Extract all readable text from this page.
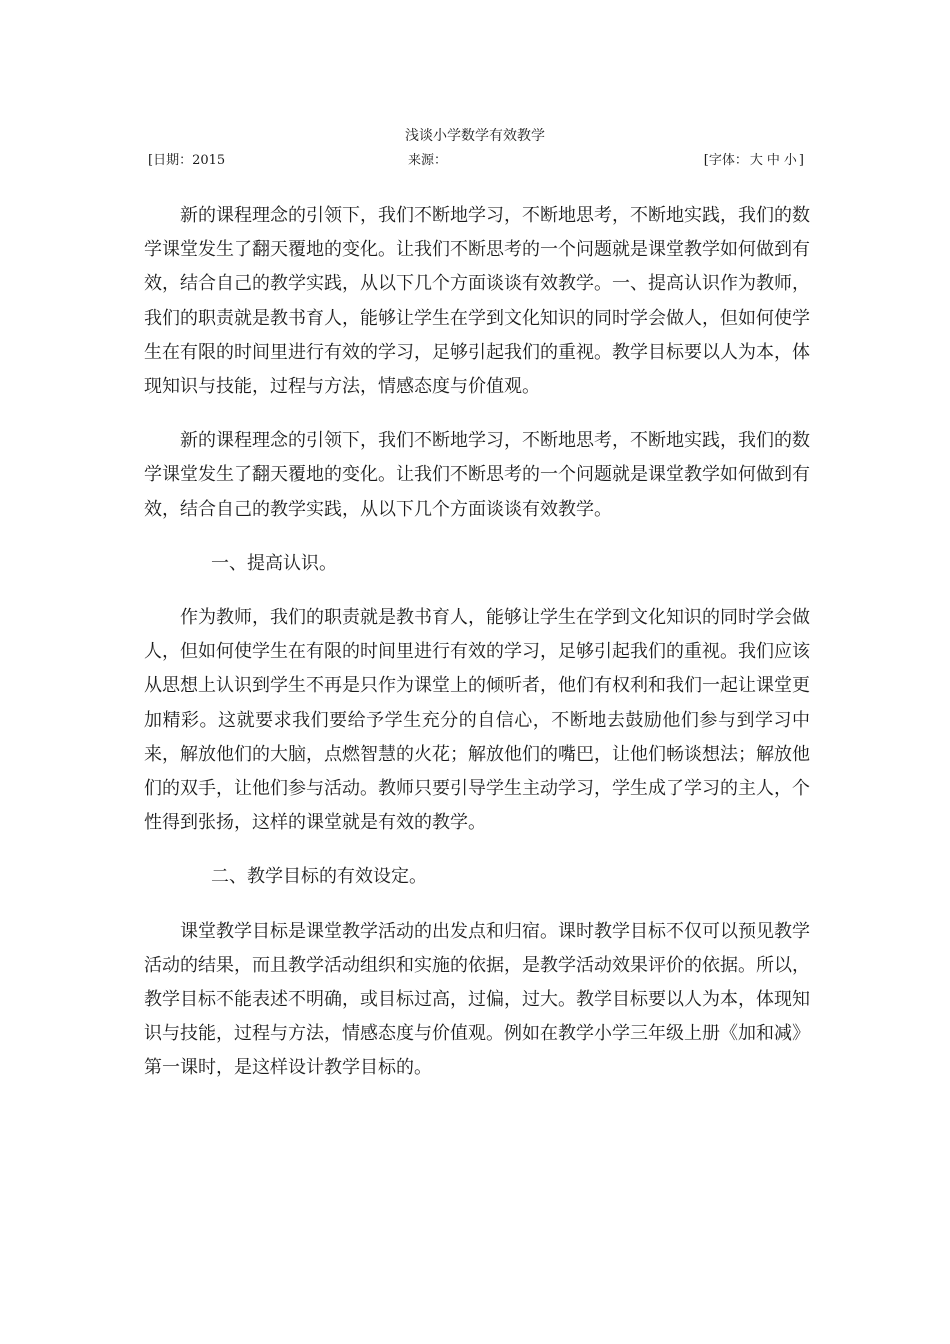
浅谈小学数学有效教学
[日期：2015	来源：	[字体： 大 中 小 ]

新的课程理念的引领下，我们不断地学习，不断地思考，不断地实践，我们的数学课堂发生了翻天覆地的变化。让我们不断思考的一个问题就是课堂教学如何做到有效，结合自己的教学实践，从以下几个方面谈谈有效教学。一、提高认识作为教师，我们的职责就是教书育人，能够让学生在学到文化知识的同时学会做人，但如何使学生在有限的时间里进行有效的学习，足够引起我们的重视。教学目标要以人为本，体现知识与技能，过程与方法，情感态度与价值观。

新的课程理念的引领下，我们不断地学习，不断地思考，不断地实践，我们的数学课堂发生了翻天覆地的变化。让我们不断思考的一个问题就是课堂教学如何做到有效，结合自己的教学实践，从以下几个方面谈谈有效教学。

一、提高认识。

作为教师，我们的职责就是教书育人，能够让学生在学到文化知识的同时学会做人，但如何使学生在有限的时间里进行有效的学习，足够引起我们的重视。我们应该从思想上认识到学生不再是只作为课堂上的倾听者，他们有权利和我们一起让课堂更加精彩。这就要求我们要给予学生充分的自信心，不断地去鼓励他们参与到学习中来，解放他们的大脑，点燃智慧的火花；解放他们的嘴巴，让他们畅谈想法；解放他们的双手，让他们参与活动。教师只要引导学生主动学习，学生成了学习的主人，个性得到张扬，这样的课堂就是有效的教学。

二、教学目标的有效设定。

课堂教学目标是课堂教学活动的出发点和归宿。课时教学目标不仅可以预见教学活动的结果，而且教学活动组织和实施的依据，是教学活动效果评价的依据。所以，教学目标不能表述不明确，或目标过高，过偏，过大。教学目标要以人为本，体现知识与技能，过程与方法，情感态度与价值观。例如在教学小学三年级上册《加和减》第一课时，是这样设计教学目标的。
